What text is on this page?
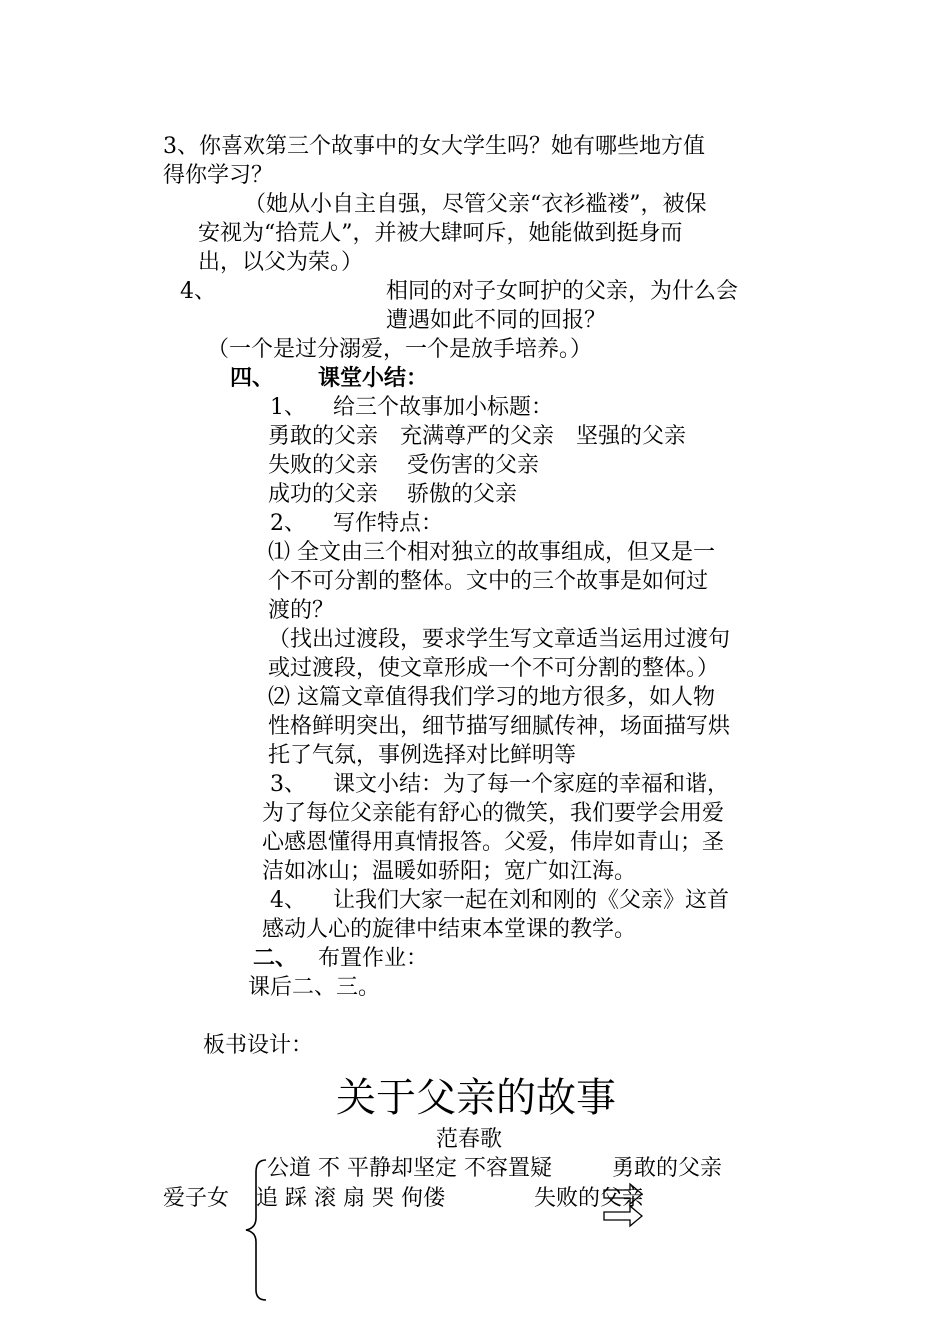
3、你喜欢第三个故事中的女大学生吗？她有哪些地方值
得你学习？
（她从小自主自强，尽管父亲“衣衫褴褛”，被保
安视为“拾荒人”，并被大肆呵斥，她能做到挺身而
出，以父为荣。）
4、	相同的对子女呵护的父亲，为什么会
遭遇如此不同的回报？
（一个是过分溺爱，一个是放手培养。）
四、 课堂小结：
1、 给三个故事加小标题：
勇敢的父亲　充满尊严的父亲　坚强的父亲
失败的父亲　 受伤害的父亲
成功的父亲　 骄傲的父亲
2、 写作特点：
⑴ 全文由三个相对独立的故事组成，但又是一
个不可分割的整体。文中的三个故事是如何过
渡的？
（找出过渡段，要求学生写文章适当运用过渡句
或过渡段，使文章形成一个不可分割的整体。）
⑵ 这篇文章值得我们学习的地方很多，如人物
性格鲜明突出，细节描写细腻传神，场面描写烘
托了气氛，事例选择对比鲜明等
3、 课文小结：为了每一个家庭的幸福和谐，
为了每位父亲能有舒心的微笑，我们要学会用爱
心感恩懂得用真情报答。父爱，伟岸如青山；圣
洁如冰山；温暖如骄阳；宽广如江海。
4、 让我们大家一起在刘和刚的《父亲》这首
感动人心的旋律中结束本堂课的教学。
二、 布置作业：
课后二、三。
板书设计：
关于父亲的故事
范春歌
爱子女
公道 不 平静却坚定 不容置疑	勇敢的父亲
追 踩 滚 扇 哭 佝偻	失败的父亲
